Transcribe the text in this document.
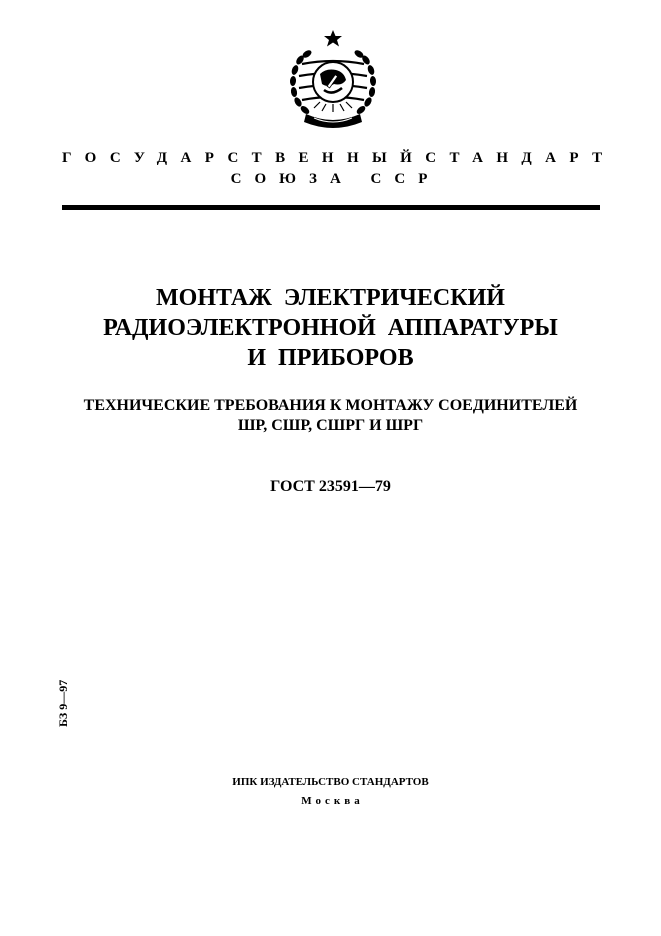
ГОСУДАРСТВЕННЫЙ СТАНДАРТ
СОЮЗА ССР
МОНТАЖ  ЭЛЕКТРИЧЕСКИЙ
РАДИОЭЛЕКТРОННОЙ  АППАРАТУРЫ
И  ПРИБОРОВ
ТЕХНИЧЕСКИЕ ТРЕБОВАНИЯ К МОНТАЖУ СОЕДИНИТЕЛЕЙ
ШР, СШР, СШРГ И ШРГ
ГОСТ 23591—79
БЗ 9—97
ИПК ИЗДАТЕЛЬСТВО СТАНДАРТОВ
Москва
